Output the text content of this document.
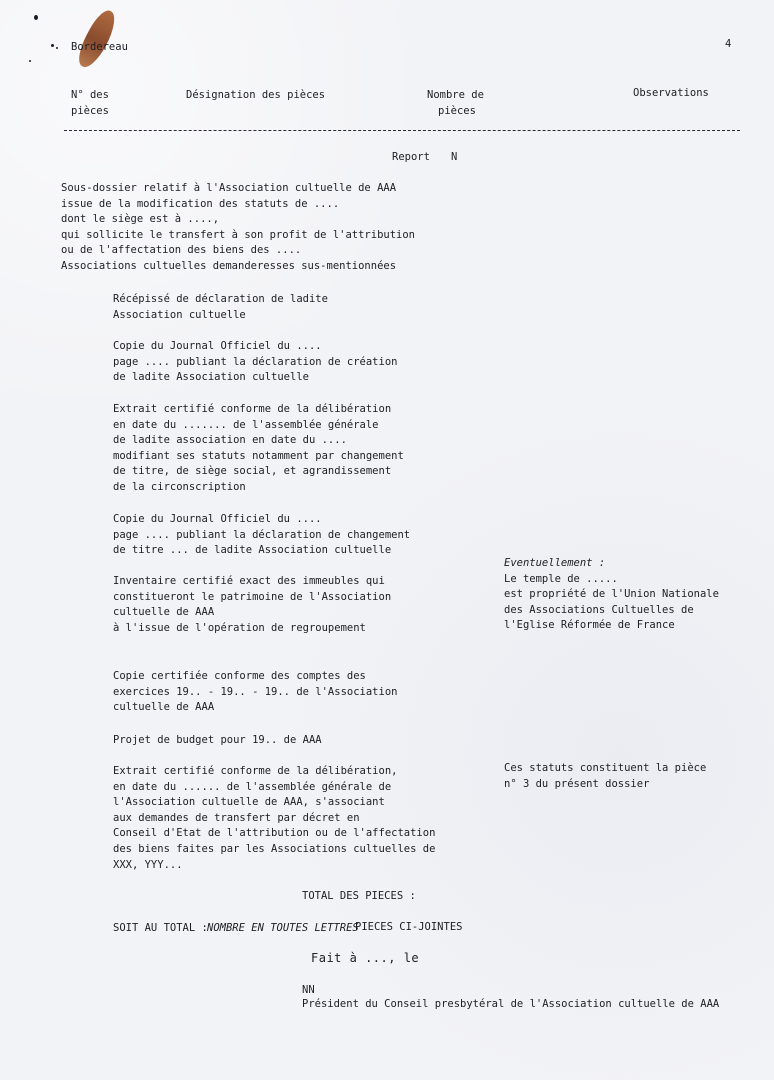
Bordereau	4
N° des
pièces
Désignation des pièces	Nombre de
pièces
Observations
Report N
Sous-dossier relatif à l'Association cultuelle de AAA
issue de la modification des statuts de ....
dont le siège est à ....,
qui sollicite le transfert à son profit de l'attribution
ou de l'affectation des biens des ....
Associations cultuelles demanderesses sus-mentionnées
Récépissé de déclaration de ladite
Association cultuelle
Copie du Journal Officiel du ....
page .... publiant la déclaration de création
de ladite Association cultuelle
Extrait certifié conforme de la délibération
en date du ....... de l'assemblée générale
de ladite association en date du ....
modifiant ses statuts notamment par changement
de titre, de siège social, et agrandissement
de la circonscription
Copie du Journal Officiel du ....
page .... publiant la déclaration de changement
de titre ... de ladite Association cultuelle
Inventaire certifié exact des immeubles qui
constitueront le patrimoine de l'Association
cultuelle de AAA
à l'issue de l'opération de regroupement
Eventuellement :
Le temple de .....
est propriété de l'Union Nationale
des Associations Cultuelles de
l'Eglise Réformée de France
Copie certifiée conforme des comptes des
exercices 19.. - 19.. - 19.. de l'Association
cultuelle de AAA
Projet de budget pour 19.. de AAA
Extrait certifié conforme de la délibération,
en date du ...... de l'assemblée générale de
l'Association cultuelle de AAA, s'associant
aux demandes de transfert par décret en
Conseil d'Etat de l'attribution ou de l'affectation
des biens faites par les Associations cultuelles de
XXX, YYY...
Ces statuts constituent la pièce
n° 3 du présent dossier
TOTAL DES PIECES :
SOIT AU TOTAL : NOMBRE EN TOUTES LETTRES
PIECES CI-JOINTES
Fait à ..., le
NN
Président du Conseil presbytéral de l'Association cultuelle de AAA
